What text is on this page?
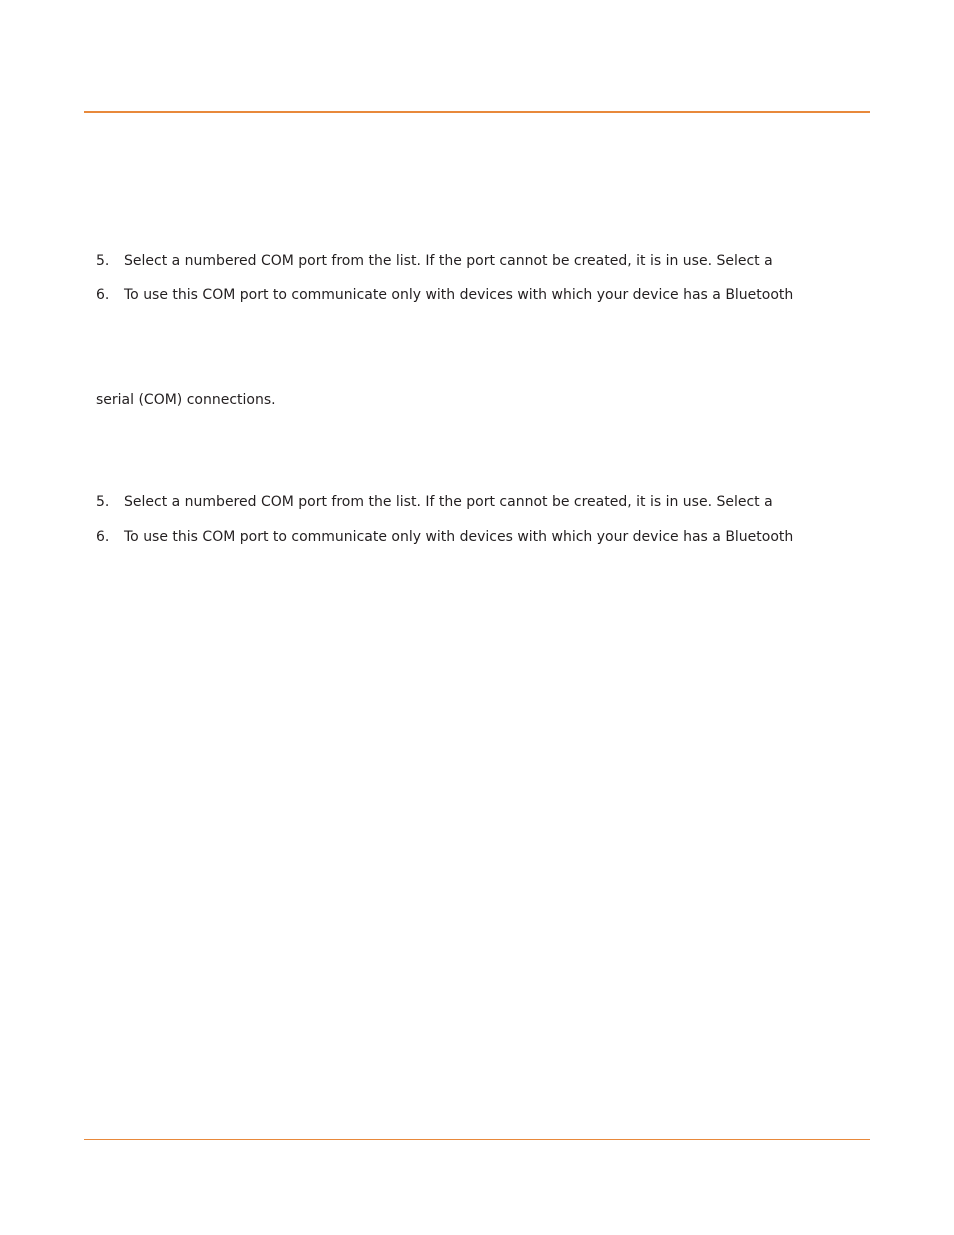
5. Select a numbered COM port from the list. If the port cannot be created, it is in use. Select a
6. To use this COM port to communicate only with devices with which your device has a Bluetooth
serial (COM) connections.
5. Select a numbered COM port from the list. If the port cannot be created, it is in use. Select a
6. To use this COM port to communicate only with devices with which your device has a Bluetooth
